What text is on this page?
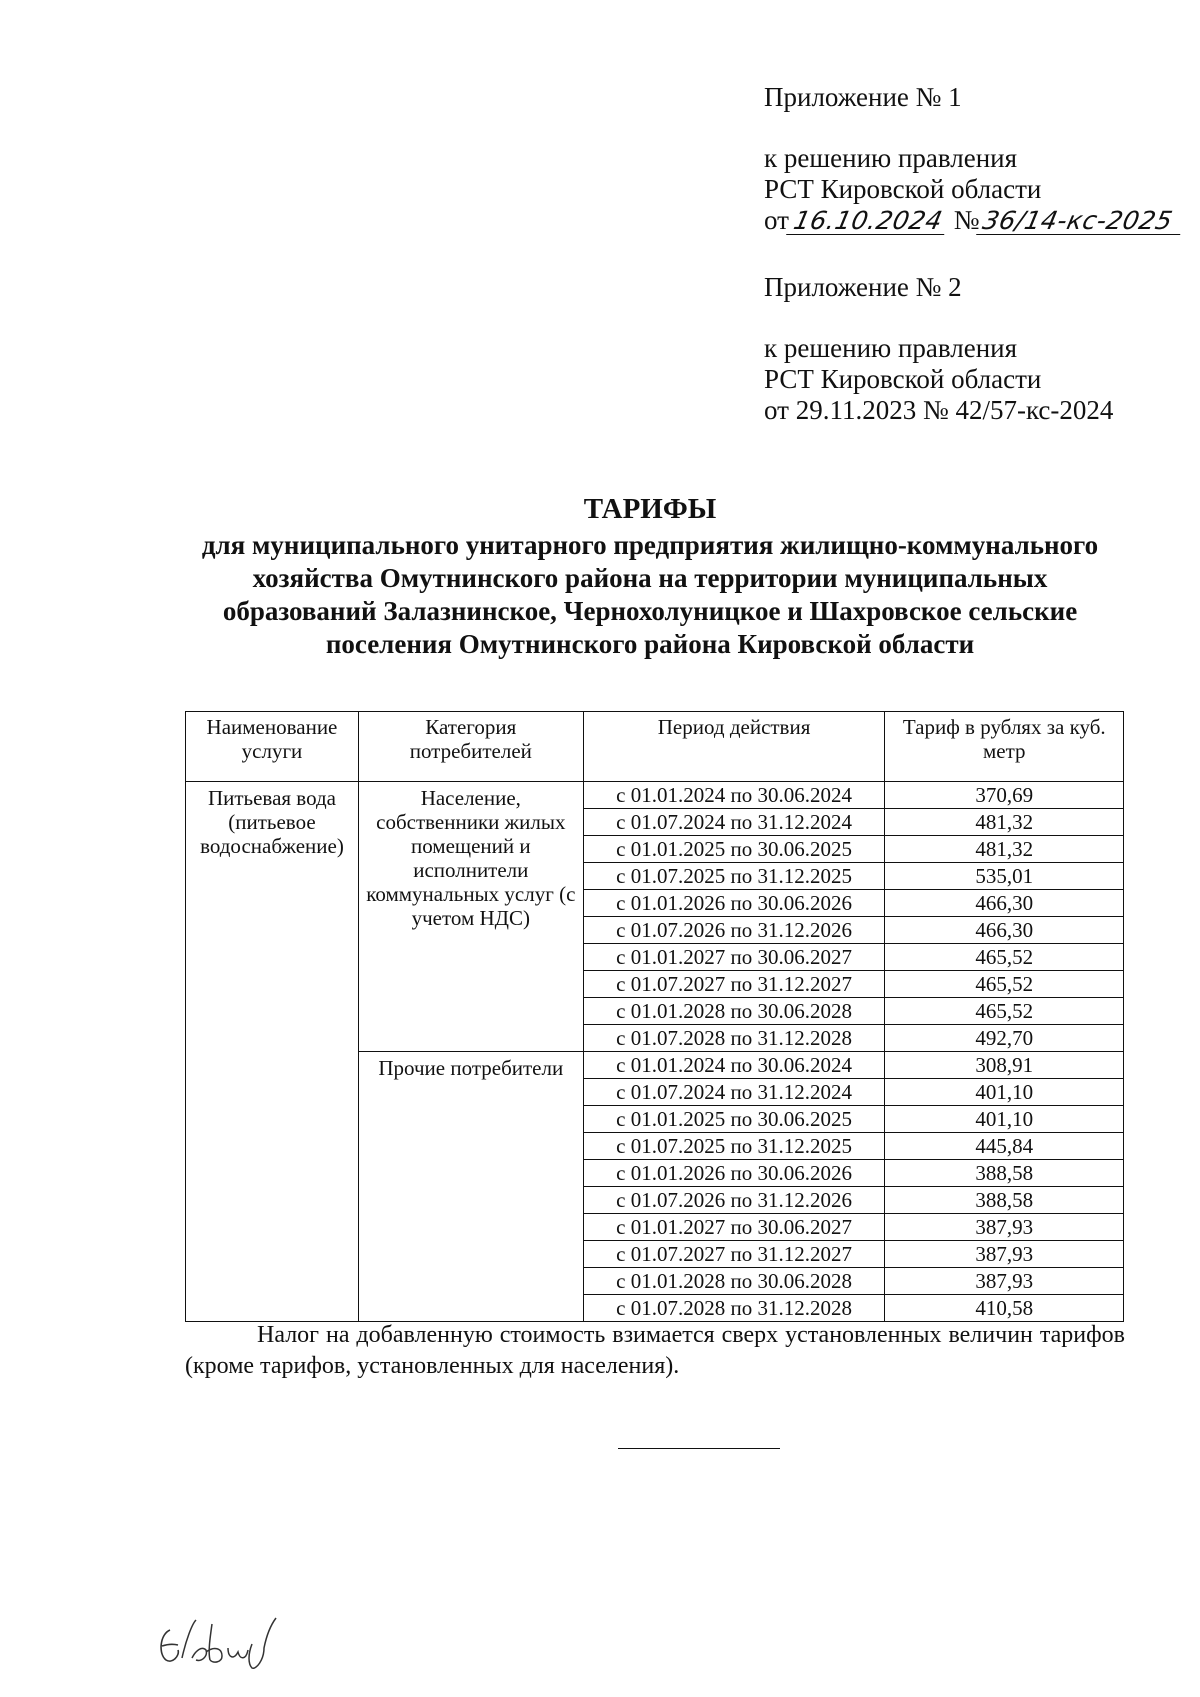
Приложение № 1

к решению правления

РСТ Кировской области

от16.10.2024 №36/14-кс-2025

Приложение № 2

к решению правления

РСТ Кировской области

от 29.11.2023 № 42/57-кс-2024

ТАРИФЫ
для муниципального унитарного предприятия жилищно-коммунального
хозяйства Омутнинского района на территории муниципальных
образований Залазнинское, Чернохолуницкое и Шахровское сельские
поселения Омутнинского района Кировской области
Наименование услуги	Категория потребителей	Период действия	Тариф в рублях за куб. метр
Питьевая вода (питьевое водоснабжение)	Население, собственники жилых помещений и исполнители коммунальных услуг (с учетом НДС)	с 01.01.2024 по 30.06.2024	370,69
		с 01.07.2024 по 31.12.2024	481,32
		с 01.01.2025 по 30.06.2025	481,32
		с 01.07.2025 по 31.12.2025	535,01
		с 01.01.2026 по 30.06.2026	466,30
		с 01.07.2026 по 31.12.2026	466,30
		с 01.01.2027 по 30.06.2027	465,52
		с 01.07.2027 по 31.12.2027	465,52
		с 01.01.2028 по 30.06.2028	465,52
		с 01.07.2028 по 31.12.2028	492,70
	Прочие потребители	с 01.01.2024 по 30.06.2024	308,91
		с 01.07.2024 по 31.12.2024	401,10
		с 01.01.2025 по 30.06.2025	401,10
		с 01.07.2025 по 31.12.2025	445,84
		с 01.01.2026 по 30.06.2026	388,58
		с 01.07.2026 по 31.12.2026	388,58
		с 01.01.2027 по 30.06.2027	387,93
		с 01.07.2027 по 31.12.2027	387,93
		с 01.01.2028 по 30.06.2028	387,93
		с 01.07.2028 по 31.12.2028	410,58
Налог на добавленную стоимость взимается сверх установленных величин тарифов (кроме тарифов, установленных для населения).
